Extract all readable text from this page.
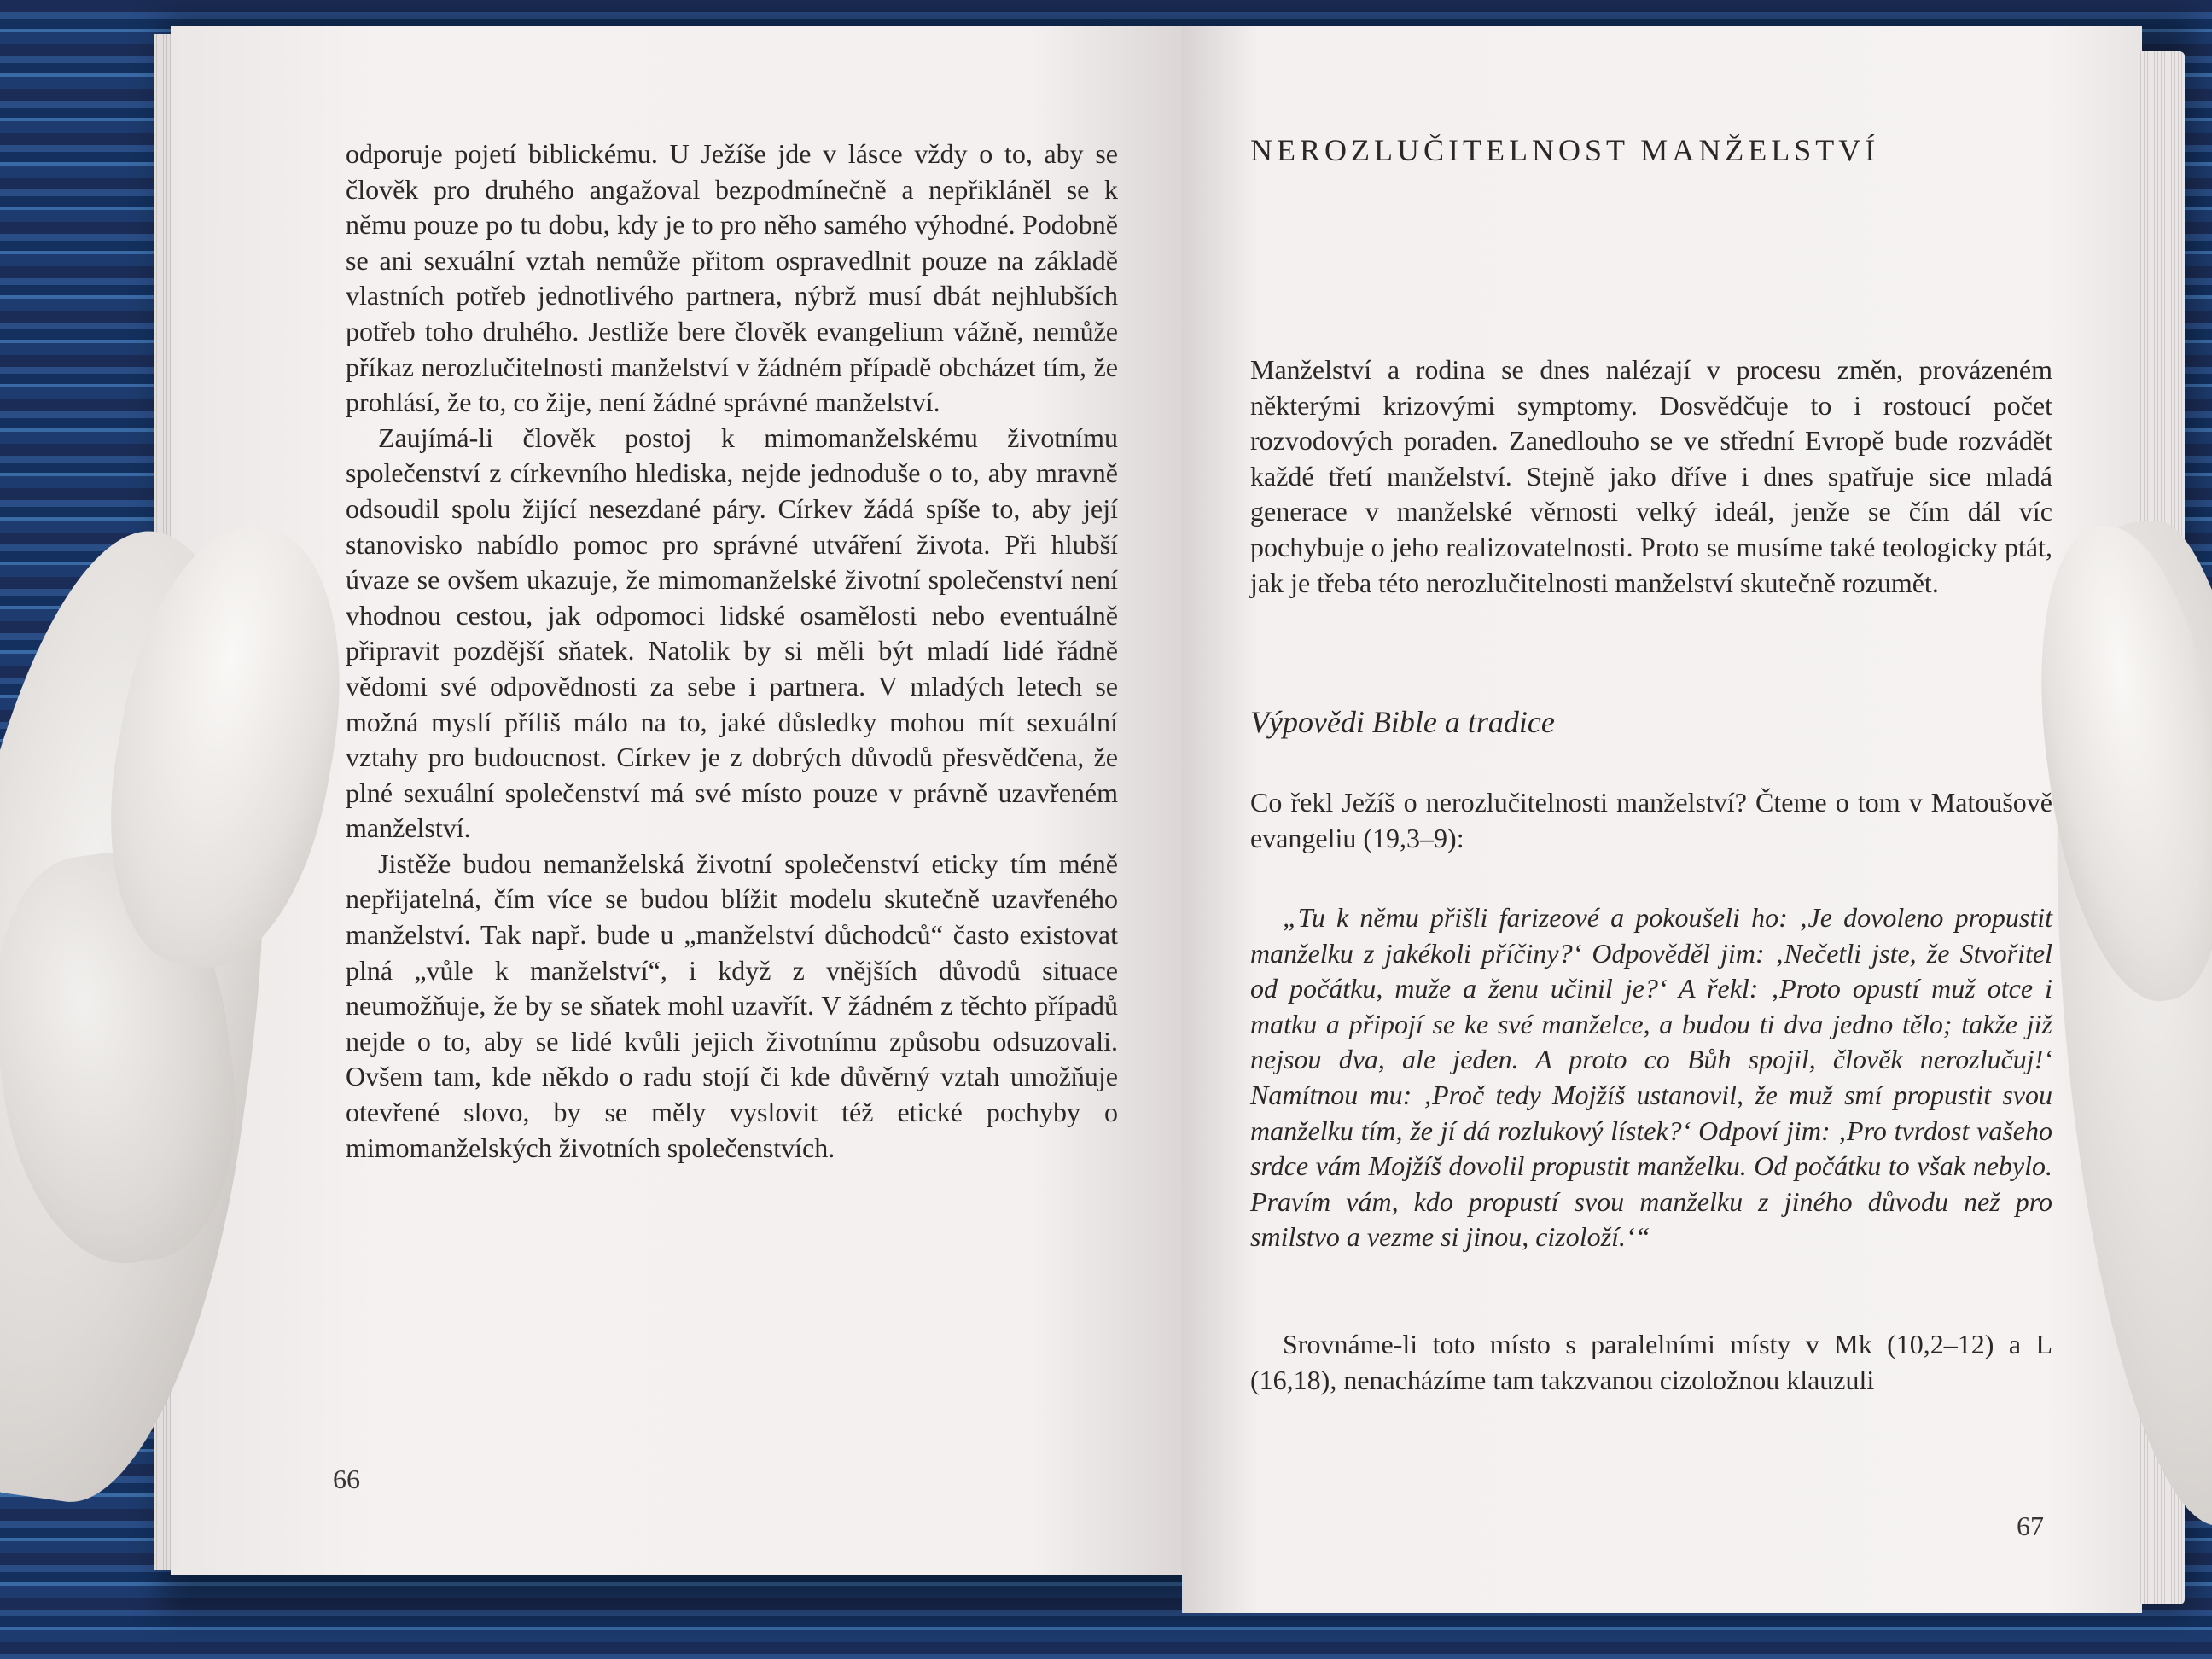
odporuje pojetí biblickému. U Ježíše jde v lásce vždy o to, aby se člověk pro druhého angažoval bezpodmínečně a nepřikláněl se k němu pouze po tu dobu, kdy je to pro něho samého výhodné. Podobně se ani sexuální vztah nemůže přitom ospravedlnit pouze na základě vlastních potřeb jednotlivého partnera, nýbrž musí dbát nejhlubších potřeb toho druhého. Jestliže bere člověk evangelium vážně, nemůže příkaz nerozlučitelnosti manželství v žádném případě obcházet tím, že prohlásí, že to, co žije, není žádné správné manželství.

Zaujímá-li člověk postoj k mimomanželskému životnímu společenství z církevního hlediska, nejde jednoduše o to, aby mravně odsoudil spolu žijící nesezdané páry. Církev žádá spíše to, aby její stanovisko nabídlo pomoc pro správné utváření života. Při hlubší úvaze se ovšem ukazuje, že mimomanželské životní společenství není vhodnou cestou, jak odpomoci lidské osamělosti nebo eventuálně připravit pozdější sňatek. Natolik by si měli být mladí lidé řádně vědomi své odpovědnosti za sebe i partnera. V mladých letech se možná myslí příliš málo na to, jaké důsledky mohou mít sexuální vztahy pro budoucnost. Církev je z dobrých důvodů přesvědčena, že plné sexuální společenství má své místo pouze v právně uzavřeném manželství.

Jistěže budou nemanželská životní společenství eticky tím méně nepřijatelná, čím více se budou blížit modelu skutečně uzavřeného manželství. Tak např. bude u „manželství důchodců“ často existovat plná „vůle k manželství“, i když z vnějších důvodů situace neumožňuje, že by se sňatek mohl uzavřít. V žádném z těchto případů nejde o to, aby se lidé kvůli jejich životnímu způsobu odsuzovali. Ovšem tam, kde někdo o radu stojí či kde důvěrný vztah umožňuje otevřené slovo, by se měly vyslovit též etické pochyby o mimomanželských životních společenstvích.

66
NEROZLUČITELNOST MANŽELSTVÍ

Manželství a rodina se dnes nalézají v procesu změn, provázeném některými krizovými symptomy. Dosvědčuje to i rostoucí počet rozvodových poraden. Zanedlouho se ve střední Evropě bude rozvádět každé třetí manželství. Stejně jako dříve i dnes spatřuje sice mladá generace v manželské věrnosti velký ideál, jenže se čím dál víc pochybuje o jeho realizovatelnosti. Proto se musíme také teologicky ptát, jak je třeba této nerozlučitelnosti manželství skutečně rozumět.

Výpovědi Bible a tradice

Co řekl Ježíš o nerozlučitelnosti manželství? Čteme o tom v Matoušově evangeliu (19,3–9):

„Tu k němu přišli farizeové a pokoušeli ho: ‚Je dovoleno propustit manželku z jakékoli příčiny?‘ Odpověděl jim: ‚Nečetli jste, že Stvořitel od počátku, muže a ženu učinil je?‘ A řekl: ‚Proto opustí muž otce i matku a připojí se ke své manželce, a budou ti dva jedno tělo; takže již nejsou dva, ale jeden. A proto co Bůh spojil, člověk nerozlučuj!‘ Namítnou mu: ‚Proč tedy Mojžíš ustanovil, že muž smí propustit svou manželku tím, že jí dá rozlukový lístek?‘ Odpoví jim: ‚Pro tvrdost vašeho srdce vám Mojžíš dovolil propustit manželku. Od počátku to však nebylo. Pravím vám, kdo propustí svou manželku z jiného důvodu než pro smilstvo a vezme si jinou, cizoloží.‘“

Srovnáme-li toto místo s paralelními místy v Mk (10,2–12) a L (16,18), nenacházíme tam takzvanou cizoložnou klauzuli

67
